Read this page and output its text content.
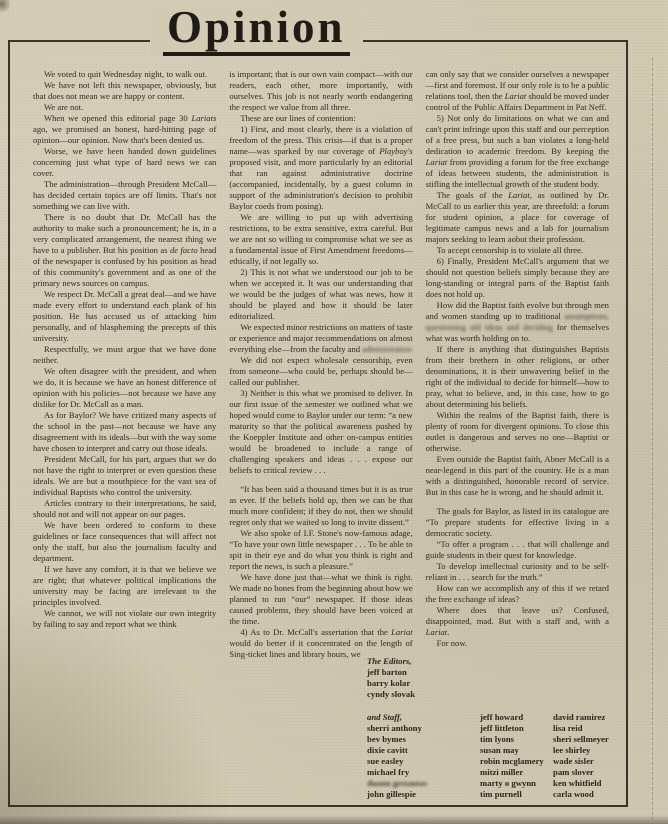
Opinion

We voted to quit Wednesday night, to walk out.

We have not left this newspaper, obviously, but that does not mean we are happy or content.

We are not.

When we opened this editorial page 30 Lariats ago, we promised an honest, hard-hitting page of opinion—our opinion. Now that's been denied us.

Worse, we have been handed down guidelines concerning just what type of hard news we can cover.

The administration—through President McCall—has decided certain topics are off limits. That's not something we can live with.

There is no doubt that Dr. McCall has the authority to make such a pronouncement; he is, in a very complicated arrangement, the nearest thing we have to a publisher. But his position as de facto head of the newspaper is confused by his position as head of this community's government and as one of the primary news sources on campus.

We respect Dr. McCall a great deal—and we have made every effort to understand each plank of his position. He has accused us of attacking him personally, and of blaspheming the precepts of this university.

Respectfully, we must argue that we have done neither.

We often disagree with the president, and when we do, it is because we have an honest difference of opinion with his policies—not because we have any dislike for Dr. McCall as a man.

As for Baylor? We have critized many aspects of the school in the past—not because we have any disagreement with its ideals—but with the way some have chosen to interpret and carry out those ideals.

President McCall, for his part, argues that we do not have the right to interpret or even question these ideals. We are but a mouthpiece for the vast sea of individual Baptists who control the university.

Articles contrary to their interpretations, he said, should not and will not appear on our pages.

We have been ordered to conform to these guidelines or face consequences that will affect not only the staff, but also the journalism faculty and department.

If we have any comfort, it is that we believe we are right; that whatever political implications the university may be facing are irrelevant to the principles involved.

We cannot, we will not violate our own integrity by failing to say and report what we think

is important; that is our own vain compact—with our readers, each other, more importantly, with ourselves. This job is not nearly worth endangering the respect we value from all three.

These are our lines of contention:

1) First, and most clearly, there is a violation of freedom of the press. This crisis—if that is a proper name—was sparked by our coverage of Playboy's proposed visit, and more particularly by an editorial that ran against administrative doctrine (accompanied, incidentally, by a guest column in support of the administration's decision to prohibit Baylor coeds from posing).

We are willing to put up with advertising restrictions, to be extra sensitive, extra careful. But we are not so willing to compromise what we see as a fundamental issue of First Amendment freedoms—ethically, if not legally so.

2) This is not what we understood our job to be when we accepted it. It was our understanding that we would be the judges of what was news, how it should be played and how it should be later editorialized.

We expected minor restrictions on matters of taste or experience and major recommendations on almost everything else—from the faculty and administration

We did not expect wholesale censorship, even from someone—who could be, perhaps should be—called our publisher.

3) Neither is this what we promised to deliver. In our first issue of the semester we outlined what we hoped would come to Baylor under our term: “a new maturity so that the political awareness pushed by the Koeppler Institute and other on-campus entities would be broadened to include a range of challenging speakers and ideas . . . expose our beliefs to critical review . . .

“It has been said a thousand times but it is as true as ever. If the beliefs hold up, then we can be that much more confident; if they do not, then we should regret only that we waited so long to invite dissent.”

We also spoke of I.F. Stone's now-famous adage, “To have your own little newspaper . . . To be able to spit in their eye and do what you think is right and report the news, is such a pleasure.”

We have done just that—what we think is right. We made no bones from the beginning about how we planned to run “our” newspaper. If those ideas caused problems, they should have been voiced at the time.

4) As to Dr. McCall's assertation that the Lariat would do better if it concentrated on the length of Sing-ticket lines and library hours, we

can only say that we consider ourselves a newspaper—first and foremost. If our only role is to be a public relations tool, then the Lariat should be moved under control of the Public Affairs Department in Pat Neff.

5) Not only do limitations on what we can and can't print infringe upon this staff and our perception of a free press, but such a ban violates a long-held dedication to academic freedom. By keeping the Lariat from providing a forum for the free exchange of ideas between students, the administration is stifling the intellectual growth of the student body.

The goals of the Lariat, as outlined by Dr. McCall to us earlier this year, are threefold: a forum for student opinion, a place for coverage of legitimate campus news and a lab for journalism majors seeking to learn aobut their profession.

To accept censorship is to violate all three.

6) Finally, President McCall's argument that we should not question beliefs simply because they are long-standing or integral parts of the Baptist faith does not hold up.

How did the Baptist faith evolve but through men and women standing up to traditional assumptions, questioning old ideas and deciding for themselves what was worth holding on to.

If there is anything that distinguishes Baptists from their brethern in other religions, or other denominations, it is their unwavering belief in the right of the individual to decide for himself—how to pray, what to believe, and, in this case, how to go about determining his beliefs.

Within the realms of the Baptist faith, there is plenty of room for divergent opinions. To close this outlet is dangerous and serves no one—Baptist or otherwise.

Even outside the Baptist faith, Abner McCall is a near-legend in this part of the country. He is a man with a distinguished, honorable record of service. But in this case he is wrong, and he should admit it.

The goals for Baylor, as listed in its catalogue are “To prepare students for effective living in a democratic society.

“To offer a program . . . that will challenge and guide students in their quest for knowledge.

To develop intellectual curiosity and to be self-reliant in . . . search for the truth.”

How can we accomplish any of this if we retard the free exchange of ideas?

Where does that leave us? Confused, disappointed, mad. But with a staff and, with a Lariat.

For now.

The Editors,
jeff barton
barry kolar
cyndy slovak
and Staff,
sherri anthony
bev bymes
dixie cavitt
sue easley
michael fry
duann gestautas
john gillespie
jeff howard
jeff littleton
tim lyons
susan may
robin mcglamery
mitzi miller
marty o gwynn
tim purnell
david ramirez
lisa reid
sheri sellmeyer
lee shirley
wade sisler
pam slover
ken whitfield
carla wood
